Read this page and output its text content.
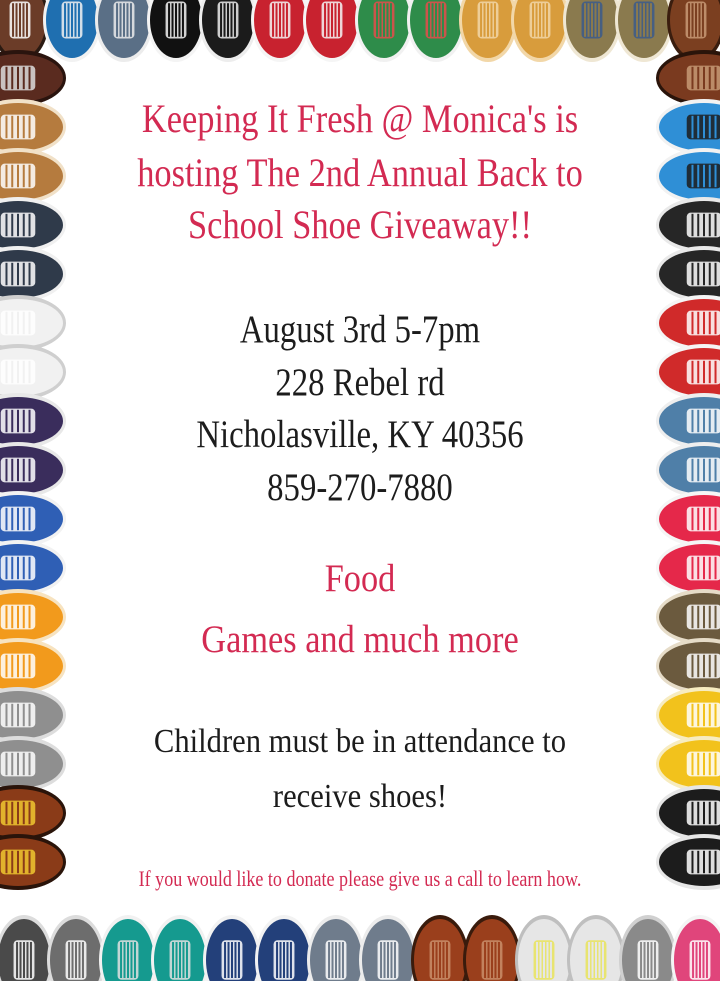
Keeping It Fresh @ Monica's is
hosting The 2nd Annual Back to
School Shoe Giveaway!!
August 3rd 5-7pm
228 Rebel rd
Nicholasville, KY 40356
859-270-7880
Food
Games and much more
Children must be in attendance to
receive shoes!
If you would like to donate please give us a call to learn how.
